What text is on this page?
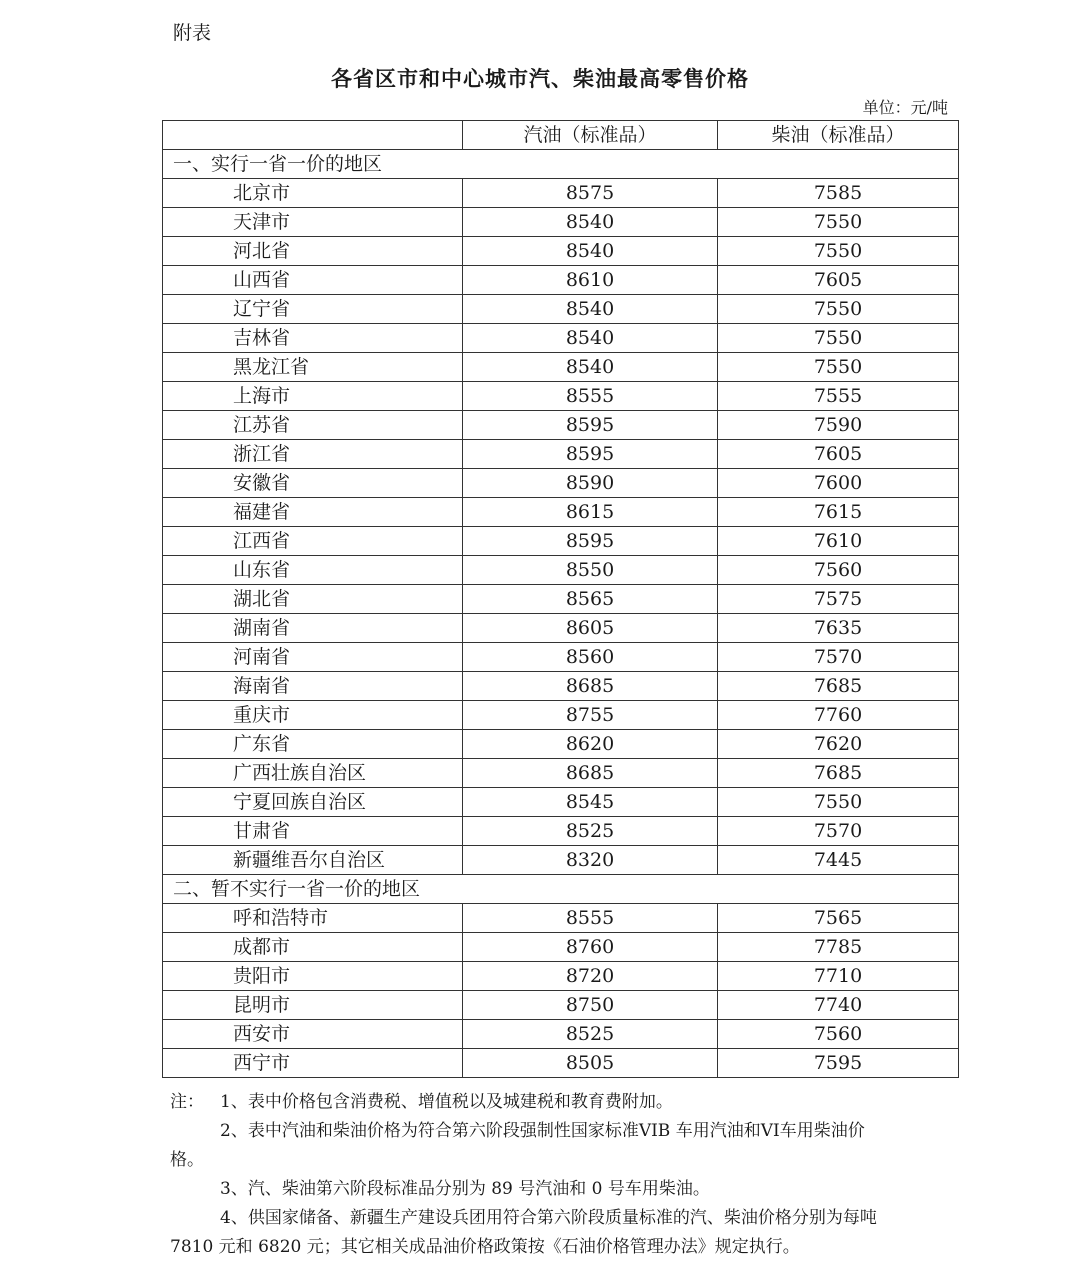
附表
各省区市和中心城市汽、柴油最高零售价格
单位：元/吨
	汽油（标准品）	柴油（标准品）
一、实行一省一价的地区		
北京市	8575	7585
天津市	8540	7550
河北省	8540	7550
山西省	8610	7605
辽宁省	8540	7550
吉林省	8540	7550
黑龙江省	8540	7550
上海市	8555	7555
江苏省	8595	7590
浙江省	8595	7605
安徽省	8590	7600
福建省	8615	7615
江西省	8595	7610
山东省	8550	7560
湖北省	8565	7575
湖南省	8605	7635
河南省	8560	7570
海南省	8685	7685
重庆市	8755	7760
广东省	8620	7620
广西壮族自治区	8685	7685
宁夏回族自治区	8545	7550
甘肃省	8525	7570
新疆维吾尔自治区	8320	7445
二、暂不实行一省一价的地区		
呼和浩特市	8555	7565
成都市	8760	7785
贵阳市	8720	7710
昆明市	8750	7740
西安市	8525	7560
西宁市	8505	7595
注： 1、表中价格包含消费税、增值税以及城建税和教育费附加。
2、表中汽油和柴油价格为符合第六阶段强制性国家标准VIB 车用汽油和VI车用柴油价
格。
3、汽、柴油第六阶段标准品分别为 89 号汽油和 0 号车用柴油。
4、供国家储备、新疆生产建设兵团用符合第六阶段质量标准的汽、柴油价格分别为每吨
7810 元和 6820 元；其它相关成品油价格政策按《石油价格管理办法》规定执行。
